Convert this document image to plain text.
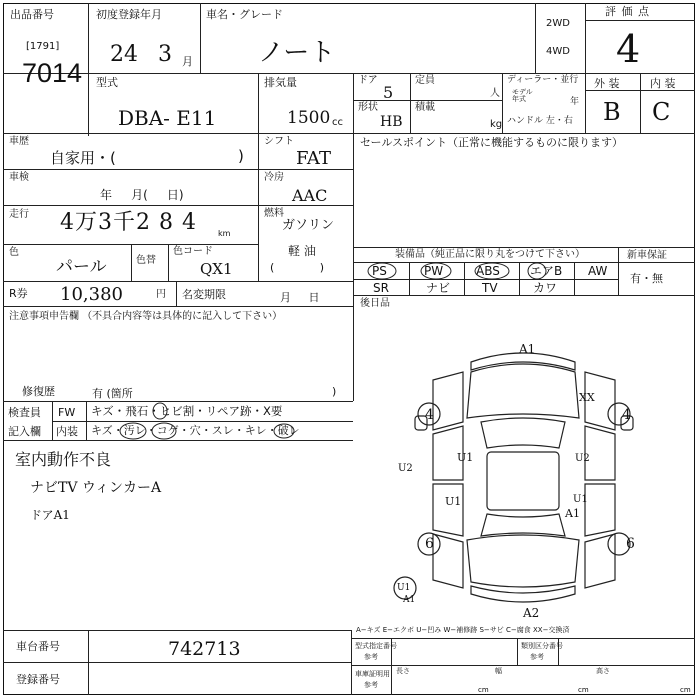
出品番号
[1791]
7014
初度登録年月
24 3 月
車名・グレード
ノート
2WD
4WD
評 価 点
4
型式
DBA- E11
排気量
1500 cc
ドア
5
定員
人
形状
HB
積載
kg
ディーラー・並行
モデル
年式	年
ハンドル 左・右
外 装	内 装
B C
車歴
自家用・(	)
シフト
FAT
車検
年     月(     日)
冷房
AAC
走行 4万3千2 8 4	km
燃料
ガソリン
軽 油
(             )
色
パール	色替
色コード
QX1
R券 10,380	円 名変期限	月     日
注意事項申告欄 （不具合内容等は具体的に記入して下さい）
修復歴	有 (箇所	)
検査員
記入欄
FW キズ・飛石・ヒビ割・リペア跡・X要
内装 キズ・汚レ・コゲ・穴・スレ・キレ・破レ
室内動作不良
ナビTV ウィンカーA
ドアA1
セールスポイント（正常に機能するものに限ります）
装備品（純正品に限り丸をつけて下さい）
PS	PW	ABS	エアB AW
SR	ナビ	TV	カワ
新車保証
有・無
後日品
A1
XX
4	4
U2
U1
U1
U2
U1
A1
6	6
A2
U1
A1
A−キズ E−エクボ U−凹み W−補修跡 S−サビ C−腐食 XX−交換済
車台番号	742713
登録番号
型式指定番号
参考
類別区分番号
参考
車庫証明用
参考
長さ	幅	高さ
cm	cm	cm
